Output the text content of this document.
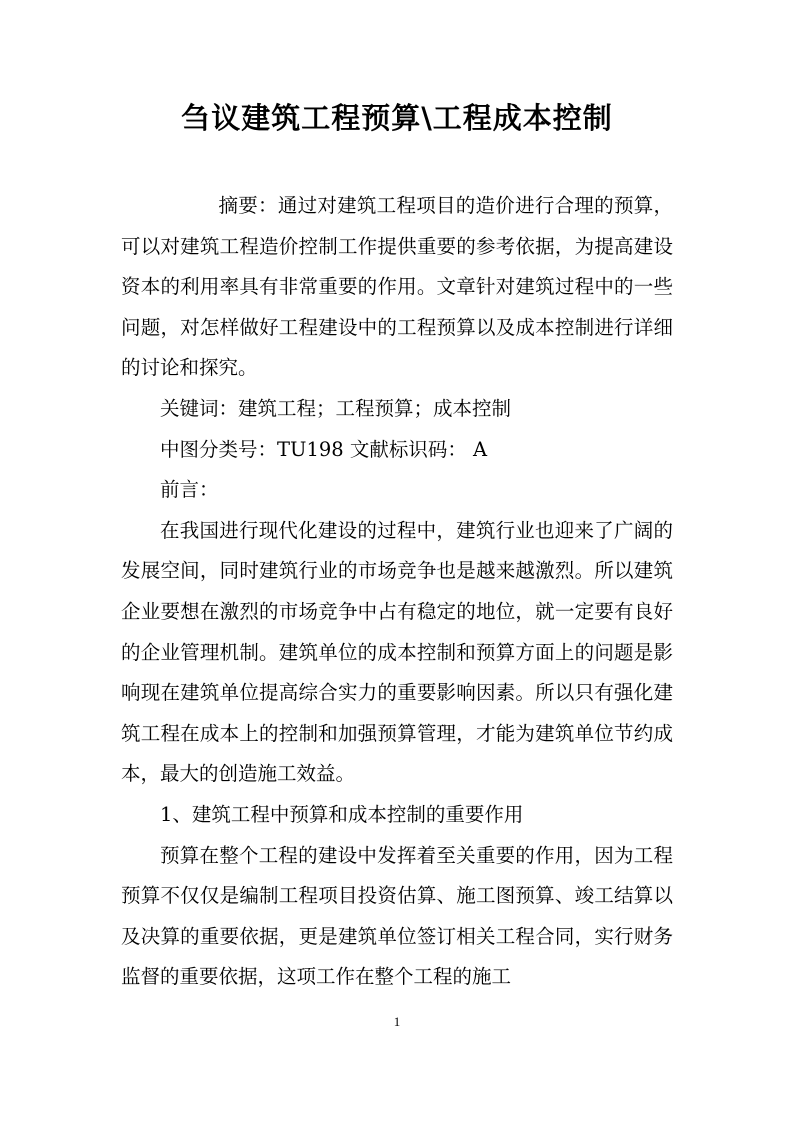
刍议建筑工程预算\工程成本控制

摘要：通过对建筑工程项目的造价进行合理的预算，可以对建筑工程造价控制工作提供重要的参考依据，为提高建设资本的利用率具有非常重要的作用。文章针对建筑过程中的一些问题，对怎样做好工程建设中的工程预算以及成本控制进行详细的讨论和探究。

关键词：建筑工程；工程预算；成本控制

中图分类号：TU198 文献标识码： A

前言：

在我国进行现代化建设的过程中，建筑行业也迎来了广阔的发展空间，同时建筑行业的市场竞争也是越来越激烈。所以建筑企业要想在激烈的市场竞争中占有稳定的地位，就一定要有良好的企业管理机制。建筑单位的成本控制和预算方面上的问题是影响现在建筑单位提高综合实力的重要影响因素。所以只有强化建筑工程在成本上的控制和加强预算管理，才能为建筑单位节约成本，最大的创造施工效益。

1、建筑工程中预算和成本控制的重要作用

预算在整个工程的建设中发挥着至关重要的作用，因为工程预算不仅仅是编制工程项目投资估算、施工图预算、竣工结算以及决算的重要依据，更是建筑单位签订相关工程合同，实行财务监督的重要依据，这项工作在整个工程的施工

1
